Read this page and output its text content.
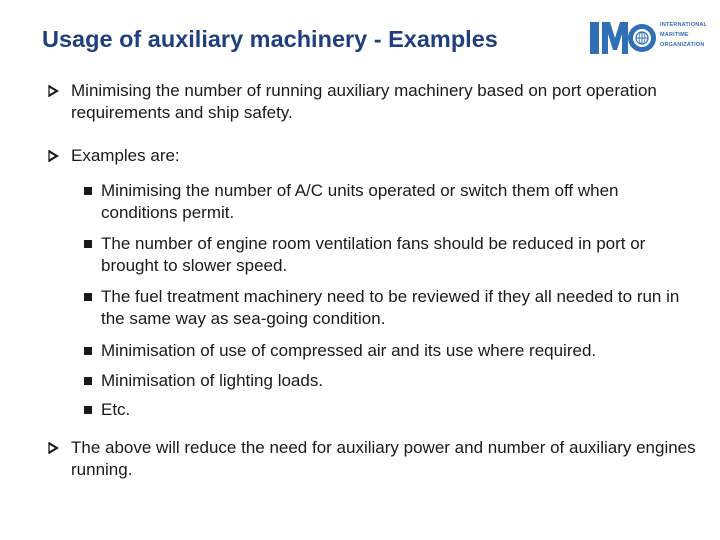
Usage of auxiliary machinery - Examples
INTERNATIONAL
MARITIME
ORGANIZATION
Minimising the number of running auxiliary machinery based on port operation requirements and ship safety.
Examples are:
Minimising the number of A/C units operated or switch them off when conditions permit.
The number of engine room ventilation fans should be reduced in port or brought to slower speed.
The fuel treatment machinery need to be reviewed if they all needed to run in the same way as sea-going condition.
Minimisation of use of compressed air and its use where required.
Minimisation of lighting loads.
Etc.
The above will reduce the need for auxiliary power and number of auxiliary engines running.
